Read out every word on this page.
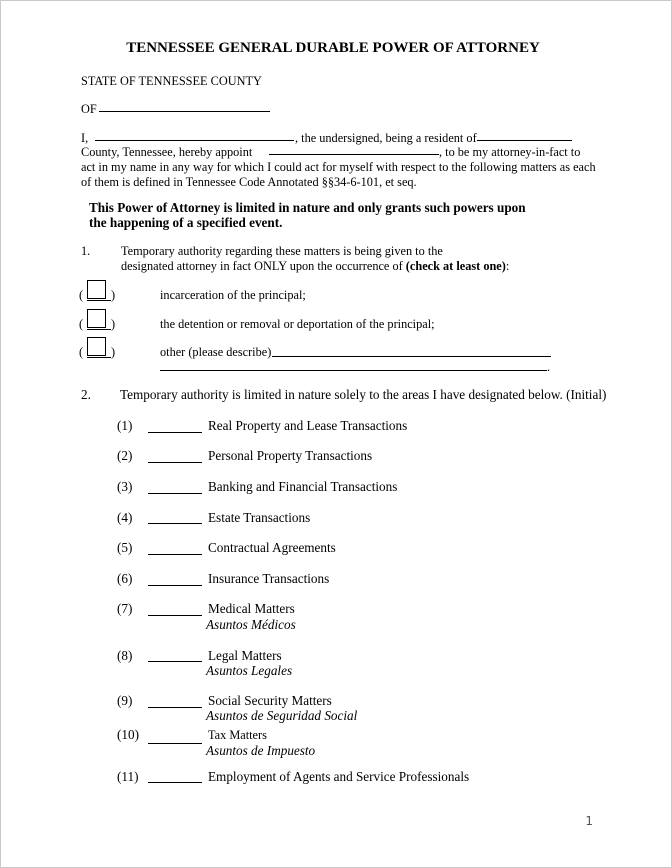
TENNESSEE GENERAL DURABLE POWER OF ATTORNEY
STATE OF TENNESSEE COUNTY
OF
I,	, the undersigned, being a resident of
County, Tennessee, hereby appoint	, to be my attorney-in-fact to
act in my name in any way for which I could act for myself with respect to the following matters as each
of them is defined in Tennessee Code Annotated §§34-6-101, et seq.
This Power of Attorney is limited in nature and only grants such powers upon
the happening of a specified event.
1.	Temporary authority regarding these matters is being given to the
designated attorney in fact ONLY upon the occurrence of (check at least one):
( )	incarceration of the principal;
( )	the detention or removal or deportation of the principal;
( )	other (please describe)
.
2. Temporary authority is limited in nature solely to the areas I have designated below. (Initial)
(1)	Real Property and Lease Transactions
(2)	Personal Property Transactions
(3)	Banking and Financial Transactions
(4)	Estate Transactions
(5)	Contractual Agreements
(6)	Insurance Transactions
(7)	Medical Matters
Asuntos Médicos
(8)	Legal Matters
Asuntos Legales
(9)	Social Security Matters
Asuntos de Seguridad Social
(10)	Tax Matters
Asuntos de Impuesto
(11)	Employment of Agents and Service Professionals
1
